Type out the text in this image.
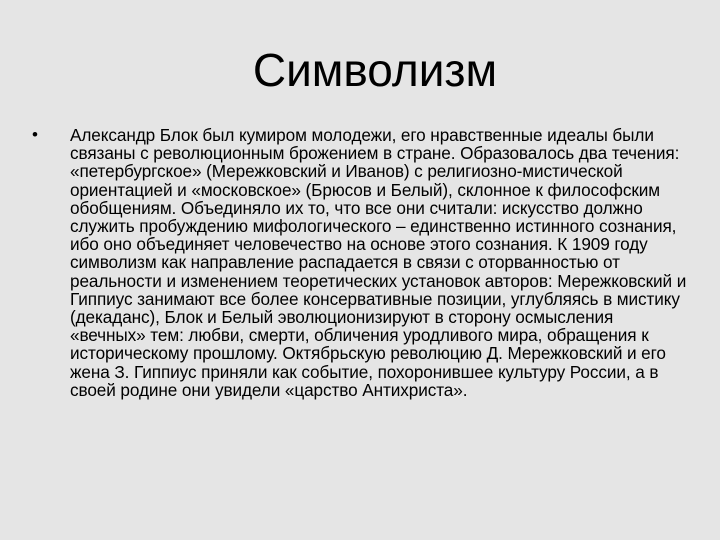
Символизм
• Александр Блок был кумиром молодежи, его нравственные идеалы были связаны с революционным брожением в стране. Образовалось два течения: «петербургское» (Мережковский и Иванов) с религиозно-мистической ориентацией и «московское» (Брюсов и Белый), склонное к философским обобщениям. Объединяло их то, что все они считали: искусство должно служить пробуждению мифологического – единственно истинного сознания, ибо оно объединяет человечество на основе этого сознания. К 1909 году символизм как направление распадается в связи с оторванностью от реальности и изменением теоретических установок авторов: Мережковский и Гиппиус занимают все более консервативные позиции, углубляясь в мистику (декаданс), Блок и Белый эволюционизируют в сторону осмысления «вечных» тем: любви, смерти, обличения уродливого мира, обращения к историческому прошлому. Октябрьскую революцию Д. Мережковский и его жена З. Гиппиус приняли как событие, похоронившее культуру России, а в своей родине они увидели «царство Антихриста».
